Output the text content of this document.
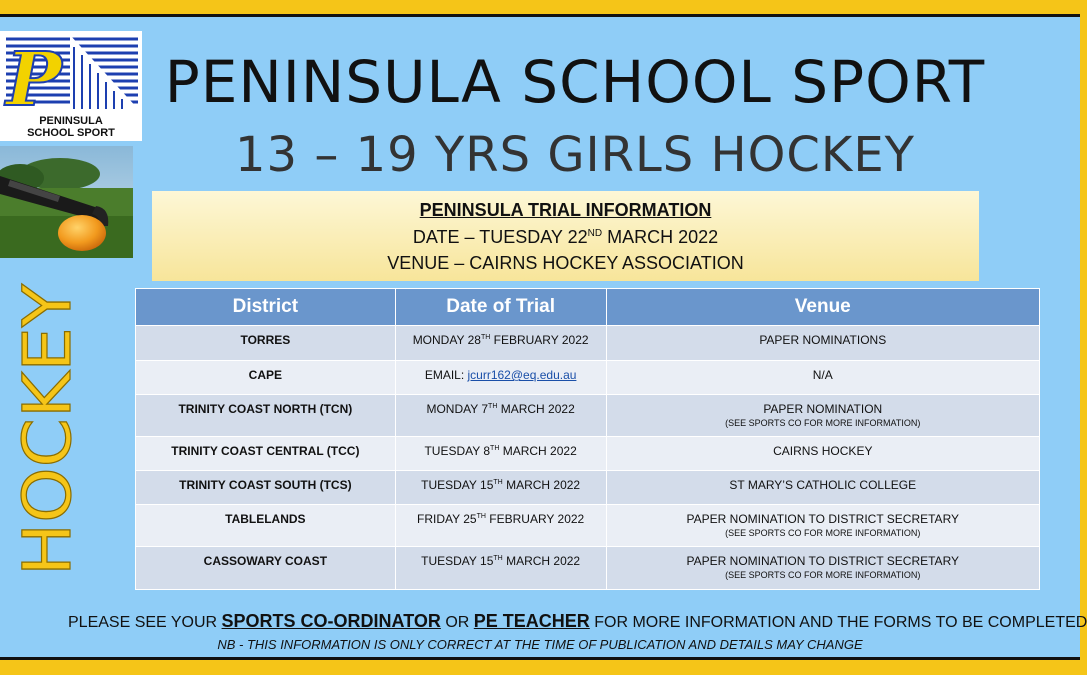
P
PENINSULA
SCHOOL SPORT
HOCKEY
PENINSULA SCHOOL SPORT
13 – 19 YRS GIRLS HOCKEY
PENINSULA TRIAL INFORMATION
DATE – TUESDAY 22ND MARCH 2022
VENUE – CAIRNS HOCKEY ASSOCIATION
District	Date of Trial	Venue

TORRES	MONDAY 28TH FEBRUARY 2022	PAPER NOMINATIONS

CAPE	EMAIL: jcurr162@eq.edu.au	N/A

TRINITY COAST NORTH (TCN)	MONDAY 7TH MARCH 2022	PAPER NOMINATION
(SEE SPORTS CO FOR MORE INFORMATION)

TRINITY COAST CENTRAL (TCC)	TUESDAY 8TH MARCH 2022	CAIRNS HOCKEY

TRINITY COAST SOUTH (TCS)	TUESDAY 15TH MARCH 2022	ST MARY’S CATHOLIC COLLEGE

TABLELANDS	FRIDAY 25TH FEBRUARY 2022	PAPER NOMINATION TO DISTRICT SECRETARY
(SEE SPORTS CO FOR MORE INFORMATION)

CASSOWARY COAST	TUESDAY 15TH MARCH 2022	PAPER NOMINATION TO DISTRICT SECRETARY
(SEE SPORTS CO FOR MORE INFORMATION)
PLEASE SEE YOUR SPORTS CO-ORDINATOR OR PE TEACHER FOR MORE INFORMATION AND THE FORMS TO BE COMPLETED
NB - THIS INFORMATION IS ONLY CORRECT AT THE TIME OF PUBLICATION AND DETAILS MAY CHANGE
